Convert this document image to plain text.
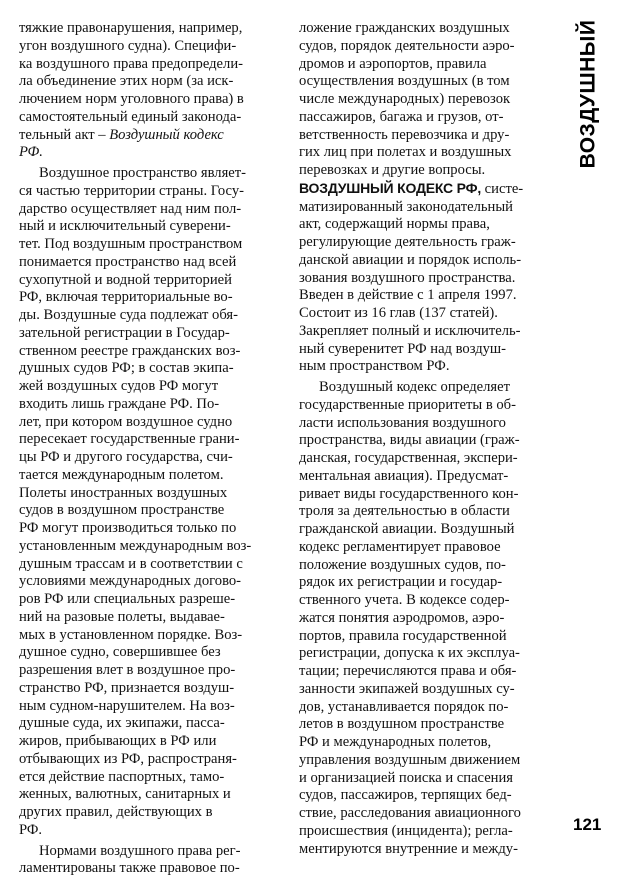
ВОЗДУШНЫЙ

тяжкие правонарушения, например,
угон воздушного судна). Специфи-
ка воздушного права предопредели-
ла объединение этих норм (за иск-
лючением норм уголовного права) в
самостоятельный единый законода-
тельный акт – Воздушный кодекс
РФ.

Воздушное пространство являет-
ся частью территории страны. Госу-
дарство осуществляет над ним пол-
ный и исключительный суверени-
тет. Под воздушным пространством
понимается пространство над всей
сухопутной и водной территорией
РФ, включая территориальные во-
ды. Воздушные суда подлежат обя-
зательной регистрации в Государ-
ственном реестре гражданских воз-
душных судов РФ; в состав экипа-
жей воздушных судов РФ могут
входить лишь граждане РФ. По-
лет, при котором воздушное судно
пересекает государственные грани-
цы РФ и другого государства, счи-
тается международным полетом.
Полеты иностранных воздушных
судов в воздушном пространстве
РФ могут производиться только по
установленным международным воз-
душным трассам и в соответствии с
условиями международных догово-
ров РФ или специальных разреше-
ний на разовые полеты, выдавае-
мых в установленном порядке. Воз-
душное судно, совершившее без
разрешения влет в воздушное про-
странство РФ, признается воздуш-
ным судном-нарушителем. На воз-
душные суда, их экипажи, пасса-
жиров, прибывающих в РФ или
отбывающих из РФ, распространя-
ется действие паспортных, тамо-
женных, валютных, санитарных и
других правил, действующих в
РФ.

Нормами воздушного права рег-
ламентированы также правовое по-

ложение гражданских воздушных
судов, порядок деятельности аэро-
дромов и аэропортов, правила
осуществления воздушных (в том
числе международных) перевозок
пассажиров, багажа и грузов, от-
ветственность перевозчика и дру-
гих лиц при полетах и воздушных
перевозках и другие вопросы.

ВОЗДУШНЫЙ КОДЕКС РФ, систе-
матизированный законодательный
акт, содержащий нормы права,
регулирующие деятельность граж-
данской авиации и порядок исполь-
зования воздушного пространства.
Введен в действие с 1 апреля 1997.
Состоит из 16 глав (137 статей).
Закрепляет полный и исключитель-
ный суверенитет РФ над воздуш-
ным пространством РФ.

Воздушный кодекс определяет
государственные приоритеты в об-
ласти использования воздушного
пространства, виды авиации (граж-
данская, государственная, экспери-
ментальная авиация). Предусмат-
ривает виды государственного кон-
троля за деятельностью в области
гражданской авиации. Воздушный
кодекс регламентирует правовое
положение воздушных судов, по-
рядок их регистрации и государ-
ственного учета. В кодексе содер-
жатся понятия аэродромов, аэро-
портов, правила государственной
регистрации, допуска к их эксплуа-
тации; перечисляются права и обя-
занности экипажей воздушных су-
дов, устанавливается порядок по-
летов в воздушном пространстве
РФ и международных полетов,
управления воздушным движением
и организацией поиска и спасения
судов, пассажиров, терпящих бед-
ствие, расследования авиационного
происшествия (инцидента); регла-
ментируются внутренние и между-

121
